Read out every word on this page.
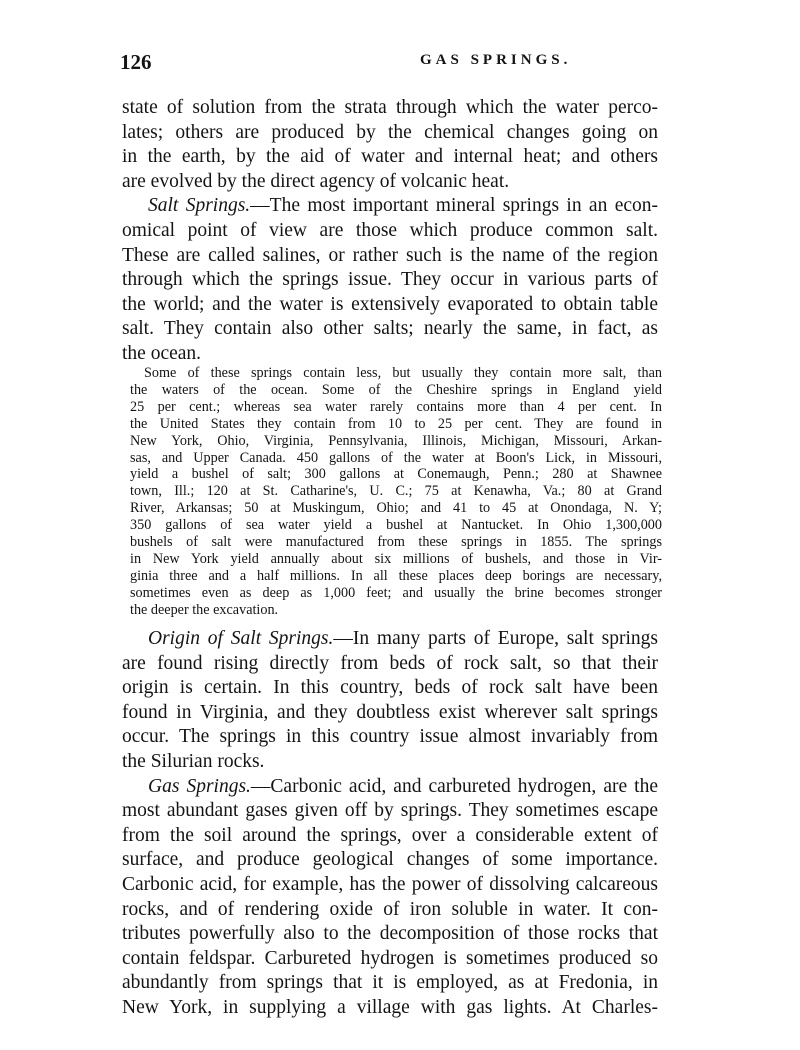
126	GAS SPRINGS.
state of solution from the strata through which the water perco-
lates; others are produced by the chemical changes going on
in the earth, by the aid of water and internal heat; and others
are evolved by the direct agency of volcanic heat.
Salt Springs.—The most important mineral springs in an econ-
omical point of view are those which produce common salt.
These are called salines, or rather such is the name of the region
through which the springs issue. They occur in various parts of
the world; and the water is extensively evaporated to obtain table
salt. They contain also other salts; nearly the same, in fact, as
the ocean.
Some of these springs contain less, but usually they contain more salt, than
the waters of the ocean. Some of the Cheshire springs in England yield
25 per cent.; whereas sea water rarely contains more than 4 per cent. In
the United States they contain from 10 to 25 per cent. They are found in
New York, Ohio, Virginia, Pennsylvania, Illinois, Michigan, Missouri, Arkan-
sas, and Upper Canada. 450 gallons of the water at Boon's Lick, in Missouri,
yield a bushel of salt; 300 gallons at Conemaugh, Penn.; 280 at Shawnee
town, Ill.; 120 at St. Catharine's, U. C.; 75 at Kenawha, Va.; 80 at Grand
River, Arkansas; 50 at Muskingum, Ohio; and 41 to 45 at Onondaga, N. Y;
350 gallons of sea water yield a bushel at Nantucket. In Ohio 1,300,000
bushels of salt were manufactured from these springs in 1855. The springs
in New York yield annually about six millions of bushels, and those in Vir-
ginia three and a half millions. In all these places deep borings are necessary,
sometimes even as deep as 1,000 feet; and usually the brine becomes stronger
the deeper the excavation.
Origin of Salt Springs.—In many parts of Europe, salt springs
are found rising directly from beds of rock salt, so that their
origin is certain. In this country, beds of rock salt have been
found in Virginia, and they doubtless exist wherever salt springs
occur. The springs in this country issue almost invariably from
the Silurian rocks.
Gas Springs.—Carbonic acid, and carbureted hydrogen, are the
most abundant gases given off by springs. They sometimes escape
from the soil around the springs, over a considerable extent of
surface, and produce geological changes of some importance.
Carbonic acid, for example, has the power of dissolving calcareous
rocks, and of rendering oxide of iron soluble in water. It con-
tributes powerfully also to the decomposition of those rocks that
contain feldspar. Carbureted hydrogen is sometimes produced so
abundantly from springs that it is employed, as at Fredonia, in
New York, in supplying a village with gas lights. At Charles-
